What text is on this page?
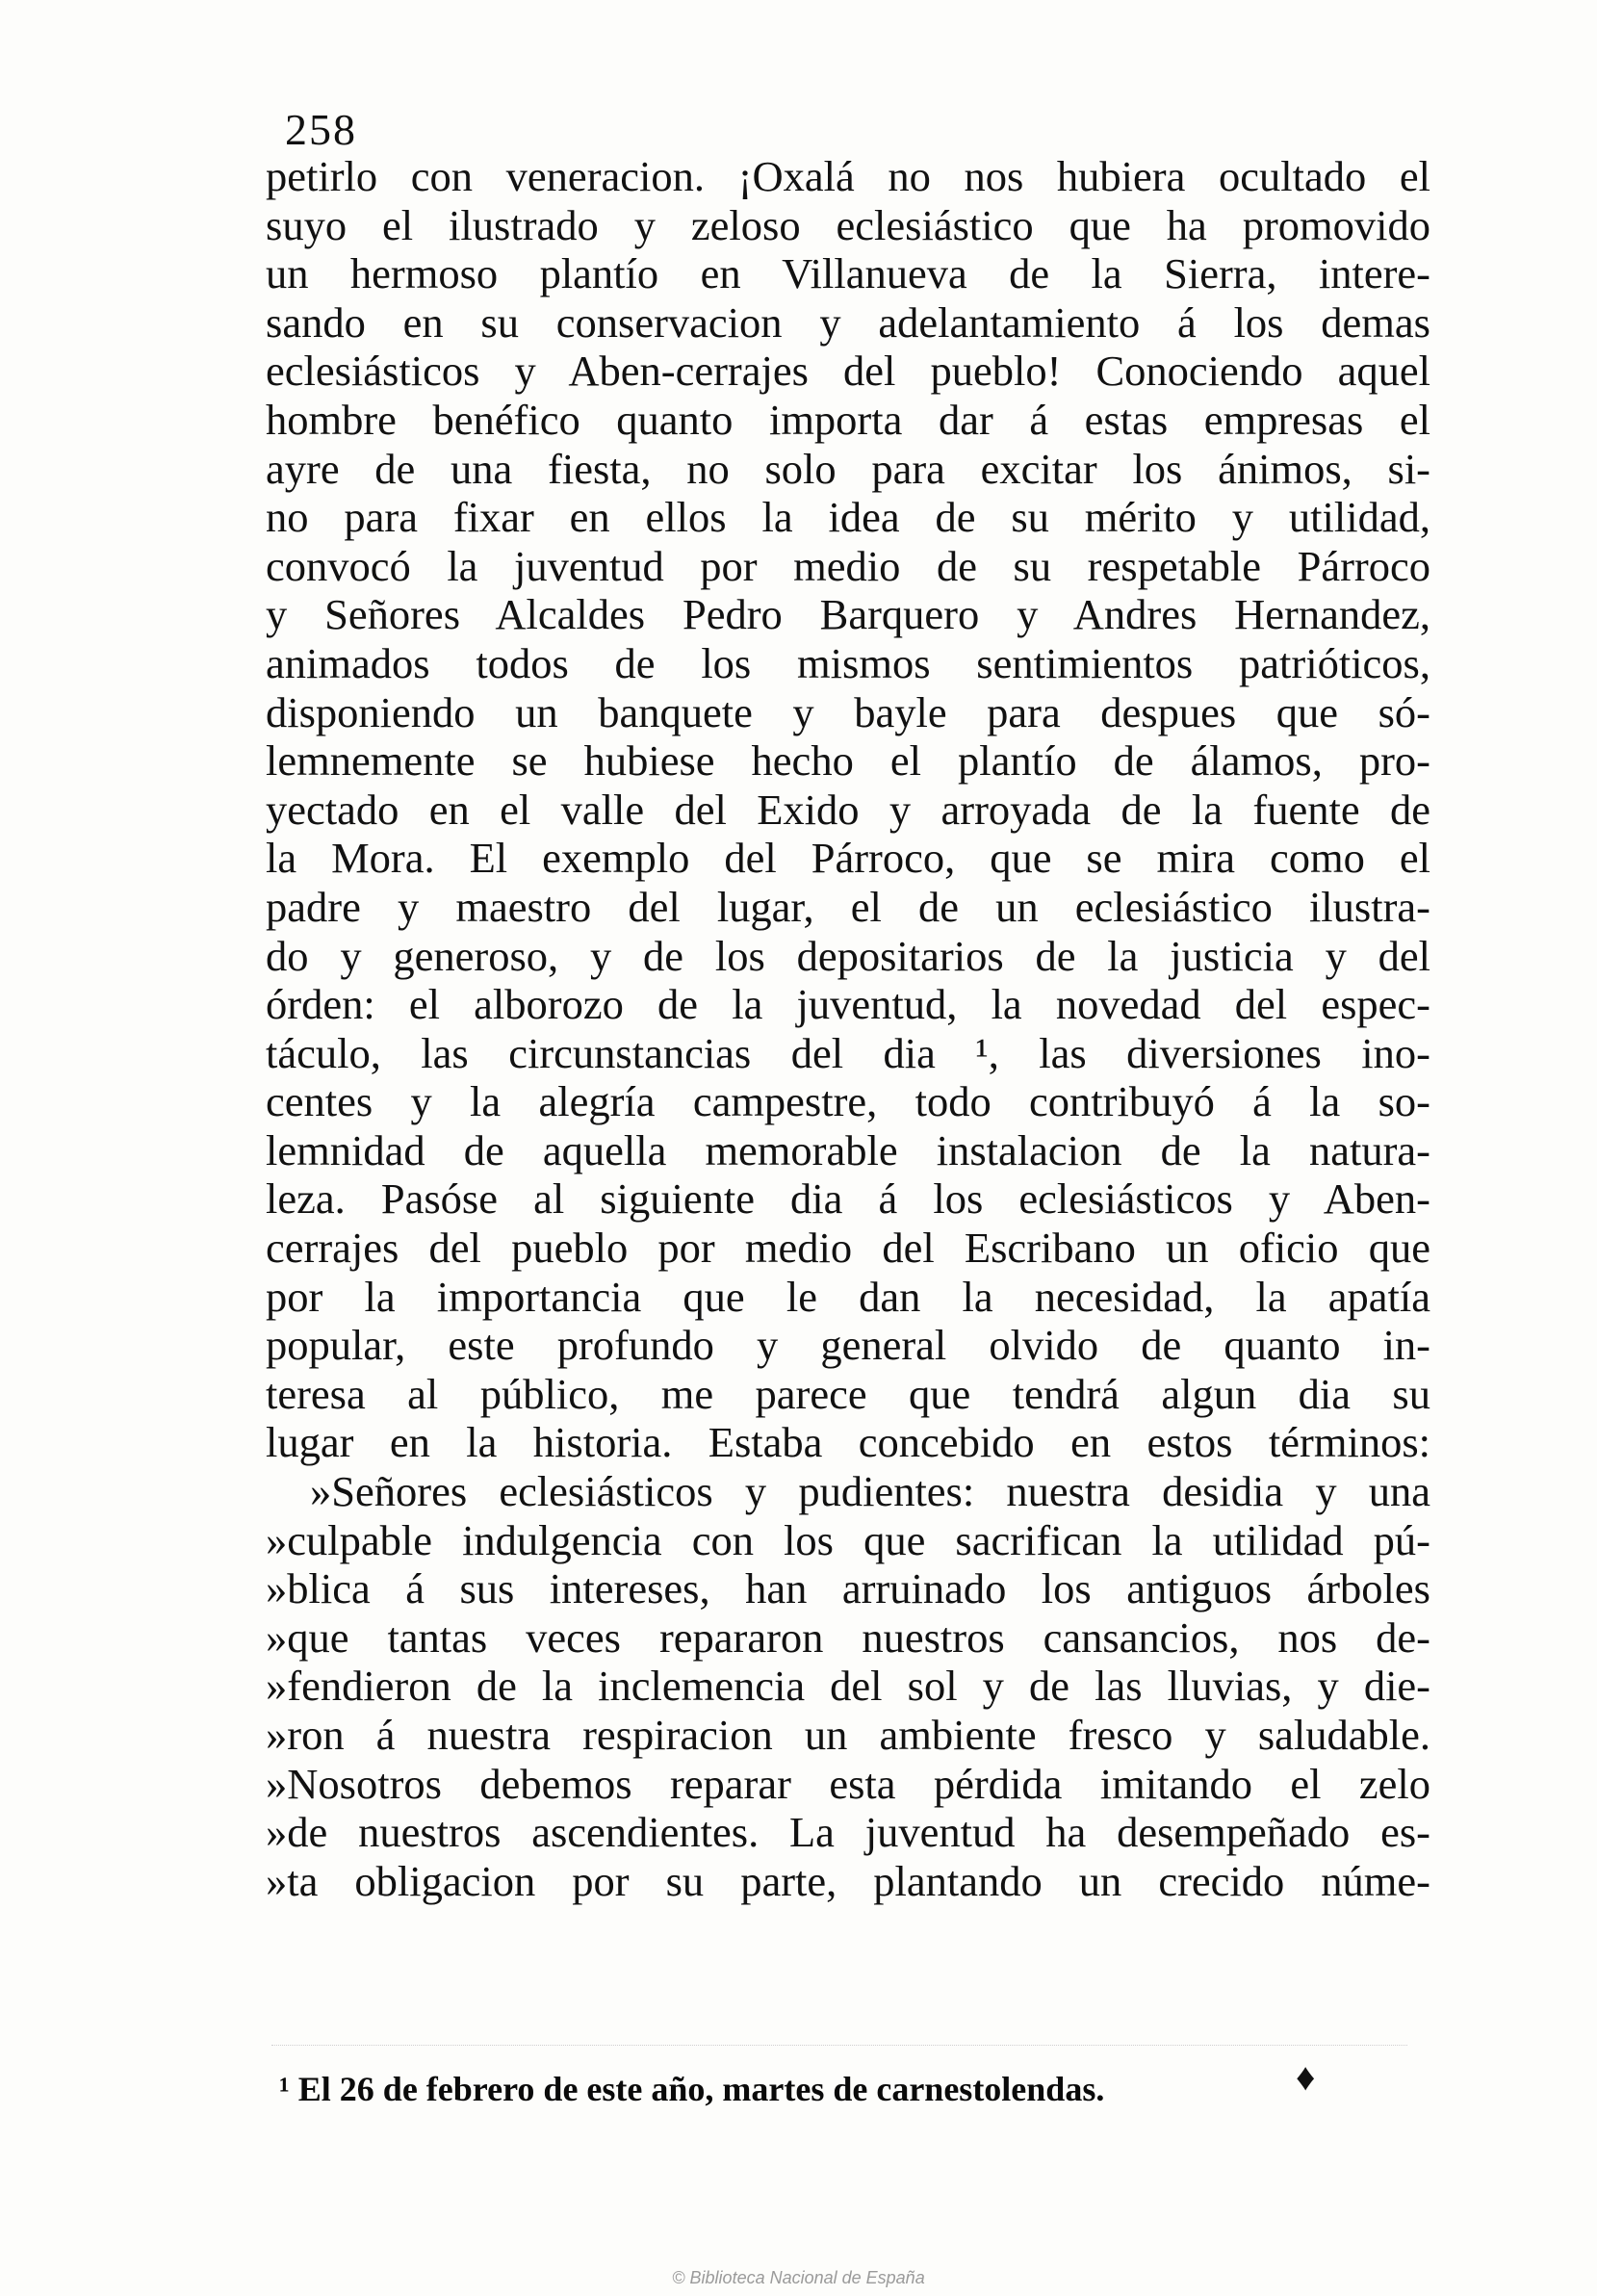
258
petirlo con veneracion. ¡Oxalá no nos hubiera ocultado el
suyo el ilustrado y zeloso eclesiástico que ha promovido
un hermoso plantío en Villanueva de la Sierra, intere-
sando en su conservacion y adelantamiento á los demas
eclesiásticos y Aben-cerrajes del pueblo! Conociendo aquel
hombre benéfico quanto importa dar á estas empresas el
ayre de una fiesta, no solo para excitar los ánimos, si-
no para fixar en ellos la idea de su mérito y utilidad,
convocó la juventud por medio de su respetable Párroco
y Señores Alcaldes Pedro Barquero y Andres Hernandez,
animados todos de los mismos sentimientos patrióticos,
disponiendo un banquete y bayle para despues que só-
lemnemente se hubiese hecho el plantío de álamos, pro-
yectado en el valle del Exido y arroyada de la fuente de
la Mora. El exemplo del Párroco, que se mira como el
padre y maestro del lugar, el de un eclesiástico ilustra-
do y generoso, y de los depositarios de la justicia y del
órden: el alborozo de la juventud, la novedad del espec-
táculo, las circunstancias del dia ¹, las diversiones ino-
centes y la alegría campestre, todo contribuyó á la so-
lemnidad de aquella memorable instalacion de la natura-
leza. Pasóse al siguiente dia á los eclesiásticos y Aben-
cerrajes del pueblo por medio del Escribano un oficio que
por la importancia que le dan la necesidad, la apatía
popular, este profundo y general olvido de quanto in-
teresa al público, me parece que tendrá algun dia su
lugar en la historia. Estaba concebido en estos términos:
»Señores eclesiásticos y pudientes: nuestra desidia y una
»culpable indulgencia con los que sacrifican la utilidad pú-
»blica á sus intereses, han arruinado los antiguos árboles
»que tantas veces repararon nuestros cansancios, nos de-
»fendieron de la inclemencia del sol y de las lluvias, y die-
»ron á nuestra respiracion un ambiente fresco y saludable.
»Nosotros debemos reparar esta pérdida imitando el zelo
»de nuestros ascendientes. La juventud ha desempeñado es-
»ta obligacion por su parte, plantando un crecido núme-
¹ El 26 de febrero de este año, martes de carnestolendas.	♦
© Biblioteca Nacional de España
